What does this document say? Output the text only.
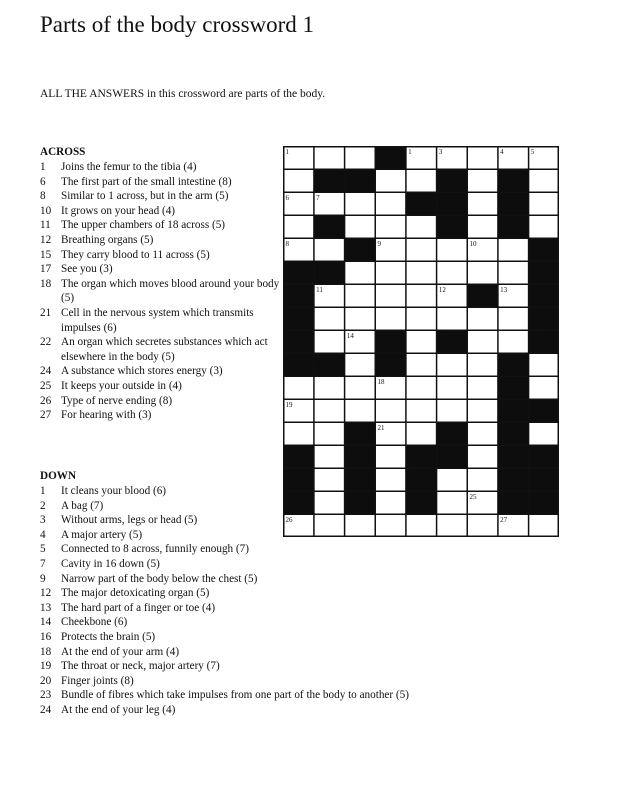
Parts of the body crossword 1
ALL THE ANSWERS in this crossword are parts of the body.
ACROSS
1	Joins the femur to the tibia (4)
6	The first part of the small intestine (8)
8	Similar to 1 across, but in the arm (5)
10 It grows on your head (4)
11 The upper chambers of 18 across (5)
12 Breathing organs (5)
15 They carry blood to 11 across (5)
17 See you (3)
18 The organ which moves blood around your body (5)
21 Cell in the nervous system which transmits impulses (6)
22 An organ which secretes substances which act elsewhere in the body (5)
24 A substance which stores energy (3)
25 It keeps your outside in (4)
26 Type of nerve ending (8)
27 For hearing with (3)
DOWN
1	It cleans your blood (6)
2	A bag (7)
3	Without arms, legs or head (5)
4	A major artery (5)
5	Connected to 8 across, funnily enough (7)
7	Cavity in 16 down (5)
9	Narrow part of the body below the chest (5)
12 The major detoxicating organ (5)
13 The hard part of a finger or toe (4)
14 Cheekbone (6)
16 Protects the brain (5)
18 At the end of your arm (4)
19 The throat or neck, major artery (7)
20 Finger joints (8)
23 Bundle of fibres which take impulses from one part of the body to another (5)
24 At the end of your leg (4)
1	1	3	4	5
6	7
8	9	10
11	12	13
14	15	16
17
18
19	20
21
22	23
24
25
26	27
